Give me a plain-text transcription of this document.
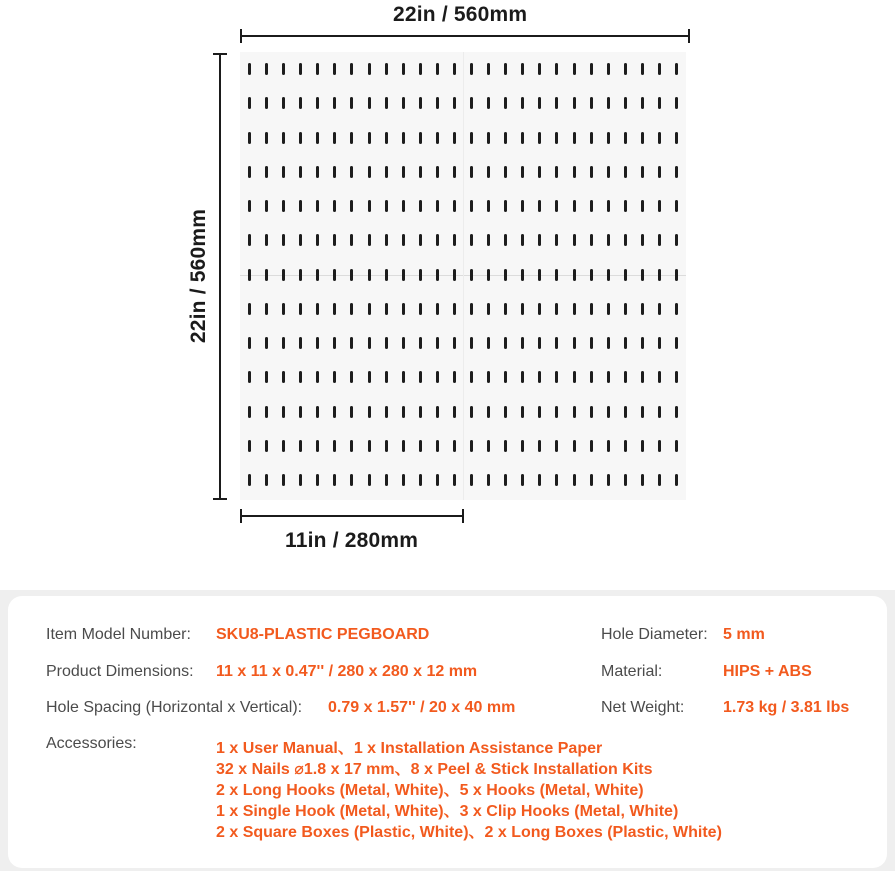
22in / 560mm
22in / 560mm
11in / 280mm
Item Model Number: SKU8-PLASTIC PEGBOARD
Product Dimensions: 11 x 11 x 0.47'' / 280 x 280 x 12 mm
Hole Spacing (Horizontal x Vertical): 0.79 x 1.57'' / 20 x 40 mm
Hole Diameter: 5 mm
Material:	HIPS + ABS
Net Weight: 1.73 kg / 3.81 lbs
Accessories:	1 x User Manual、1 x Installation Assistance Paper
32 x Nails ⌀1.8 x 17 mm、8 x Peel & Stick Installation Kits
2 x Long Hooks (Metal, White)、5 x Hooks (Metal, White)
1 x Single Hook (Metal, White)、3 x Clip Hooks (Metal, White)
2 x Square Boxes (Plastic, White)、2 x Long Boxes (Plastic, White)
